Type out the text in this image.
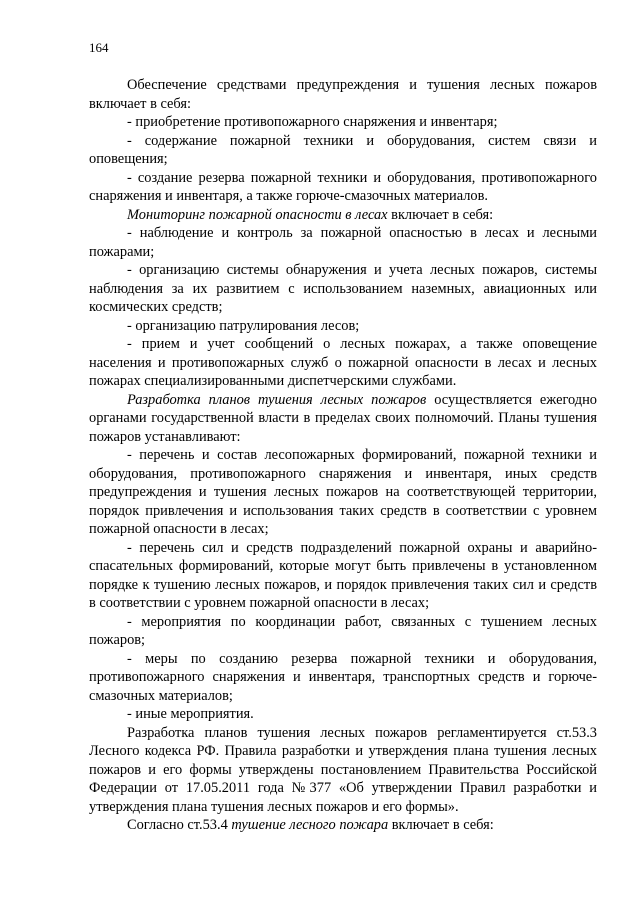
164

Обеспечение средствами предупреждения и тушения лесных пожаров включает в себя:

- приобретение противопожарного снаряжения и инвентаря;

- содержание пожарной техники и оборудования, систем связи и оповещения;

- создание резерва пожарной техники и оборудования, противопожарного снаряжения и инвентаря, а также горюче-смазочных материалов.

Мониторинг пожарной опасности в лесах включает в себя:

- наблюдение и контроль за пожарной опасностью в лесах и лесными пожарами;

- организацию системы обнаружения и учета лесных пожаров, системы наблюдения за их развитием с использованием наземных, авиационных или космических средств;

- организацию патрулирования лесов;

- прием и учет сообщений о лесных пожарах, а также оповещение населения и противопожарных служб о пожарной опасности в лесах и лесных пожарах специализированными диспетчерскими службами.

Разработка планов тушения лесных пожаров осуществляется ежегодно органами государственной власти в пределах своих полномочий. Планы тушения пожаров устанавливают:

- перечень и состав лесопожарных формирований, пожарной техники и оборудования, противопожарного снаряжения и инвентаря, иных средств предупреждения и тушения лесных пожаров на соответствующей территории, порядок привлечения и использования таких средств в соответствии с уровнем пожарной опасности в лесах;

- перечень сил и средств подразделений пожарной охраны и аварийно-спасательных формирований, которые могут быть привлечены в установленном порядке к тушению лесных пожаров, и порядок привлечения таких сил и средств в соответствии с уровнем пожарной опасности в лесах;

- мероприятия по координации работ, связанных с тушением лесных пожаров;

- меры по созданию резерва пожарной техники и оборудования, противопожарного снаряжения и инвентаря, транспортных средств и горюче-смазочных материалов;

- иные мероприятия.

Разработка планов тушения лесных пожаров регламентируется ст.53.3 Лесного кодекса РФ. Правила разработки и утверждения плана тушения лесных пожаров и его формы утверждены постановлением Правительства Российской Федерации от 17.05.2011 года №377 «Об утверждении Правил разработки и утверждения плана тушения лесных пожаров и его формы».

Согласно ст.53.4 тушение лесного пожара включает в себя:
